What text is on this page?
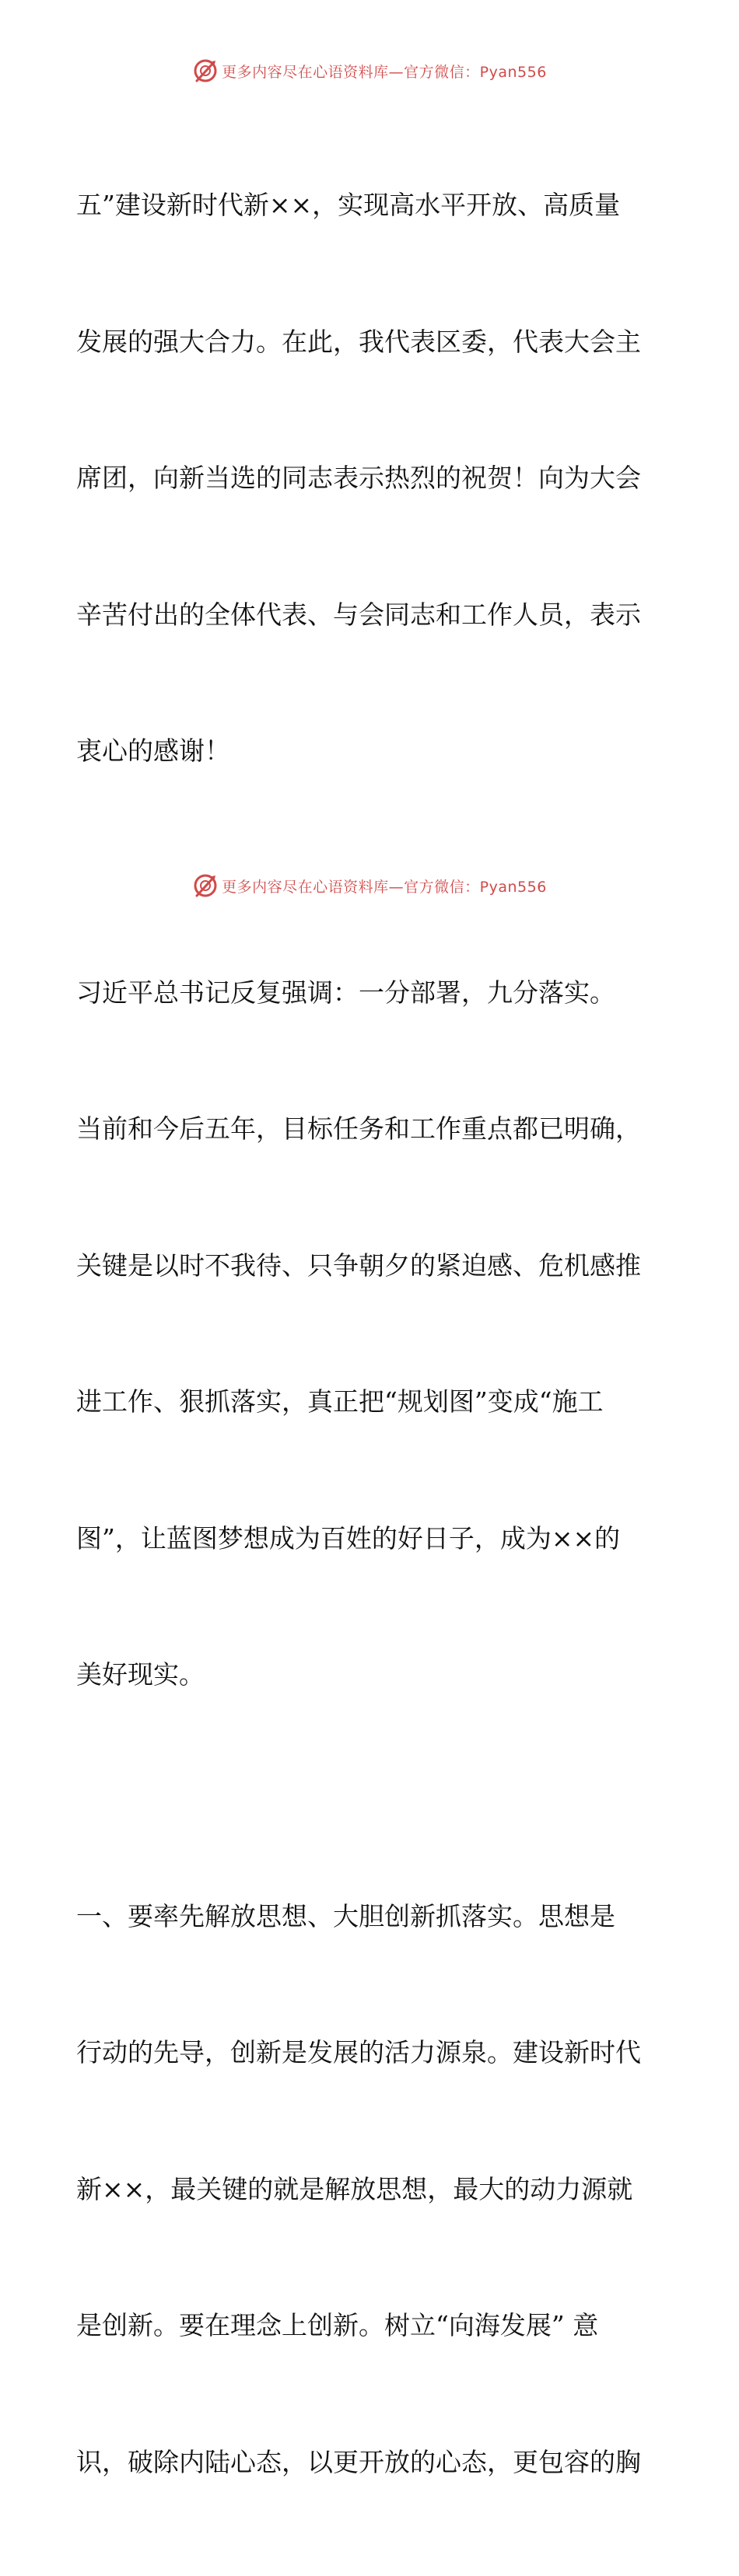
更多内容尽在心语资料库—官方微信：Pyan556

五”建设新时代新××，实现高水平开放、高质量

发展的强大合力。在此，我代表区委，代表大会主

席团，向新当选的同志表示热烈的祝贺！向为大会

辛苦付出的全体代表、与会同志和工作人员，表示

衷心的感谢！

习近平总书记反复强调：一分部署，九分落实。

当前和今后五年，目标任务和工作重点都已明确，

关键是以时不我待、只争朝夕的紧迫感、危机感推

进工作、狠抓落实，真正把“规划图”变成“施工

图”，让蓝图梦想成为百姓的好日子，成为××的

美好现实。

一、要率先解放思想、大胆创新抓落实。思想是

行动的先导，创新是发展的活力源泉。建设新时代

新××，最关键的就是解放思想，最大的动力源就

是创新。要在理念上创新。树立“向海发展” 意

识，破除内陆心态，以更开放的心态，更包容的胸

更多内容尽在心语资料库—官方微信：Pyan556
